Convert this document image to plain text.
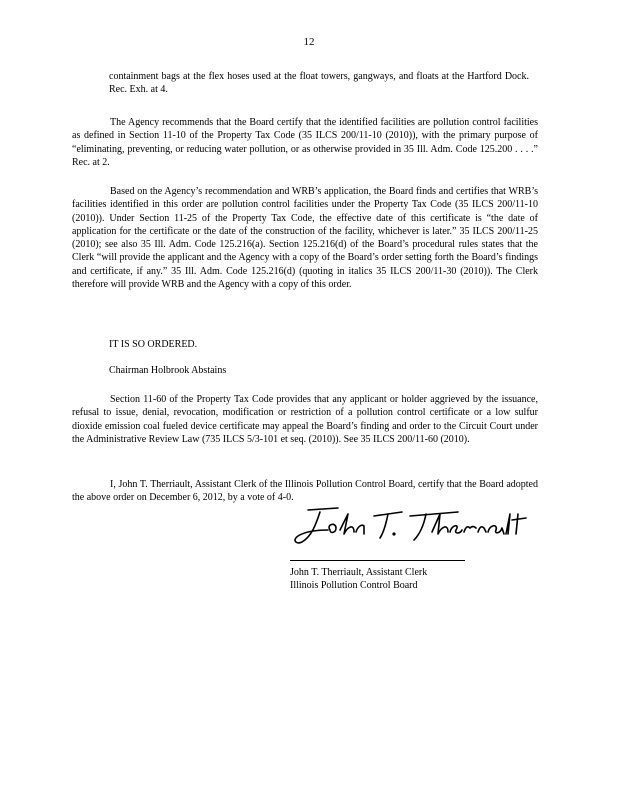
12

containment bags at the flex hoses used at the float towers, gangways, and floats at the Hartford Dock. Rec. Exh. at 4.

The Agency recommends that the Board certify that the identified facilities are pollution control facilities as defined in Section 11-10 of the Property Tax Code (35 ILCS 200/11-10 (2010)), with the primary purpose of “eliminating, preventing, or reducing water pollution, or as otherwise provided in 35 Ill. Adm. Code 125.200 . . . .” Rec. at 2.

Based on the Agency’s recommendation and WRB’s application, the Board finds and certifies that WRB’s facilities identified in this order are pollution control facilities under the Property Tax Code (35 ILCS 200/11-10 (2010)). Under Section 11-25 of the Property Tax Code, the effective date of this certificate is “the date of application for the certificate or the date of the construction of the facility, whichever is later.” 35 ILCS 200/11-25 (2010); see also 35 Ill. Adm. Code 125.216(a). Section 125.216(d) of the Board’s procedural rules states that the Clerk “will provide the applicant and the Agency with a copy of the Board’s order setting forth the Board’s findings and certificate, if any.” 35 Ill. Adm. Code 125.216(d) (quoting in italics 35 ILCS 200/11-30 (2010)). The Clerk therefore will provide WRB and the Agency with a copy of this order.

IT IS SO ORDERED.
Chairman Holbrook Abstains

Section 11-60 of the Property Tax Code provides that any applicant or holder aggrieved by the issuance, refusal to issue, denial, revocation, modification or restriction of a pollution control certificate or a low sulfur dioxide emission coal fueled device certificate may appeal the Board’s finding and order to the Circuit Court under the Administrative Review Law (735 ILCS 5/3-101 et seq. (2010)). See 35 ILCS 200/11-60 (2010).

I, John T. Therriault, Assistant Clerk of the Illinois Pollution Control Board, certify that the Board adopted the above order on December 6, 2012, by a vote of 4-0.

John T. Therriault, Assistant Clerk
Illinois Pollution Control Board
